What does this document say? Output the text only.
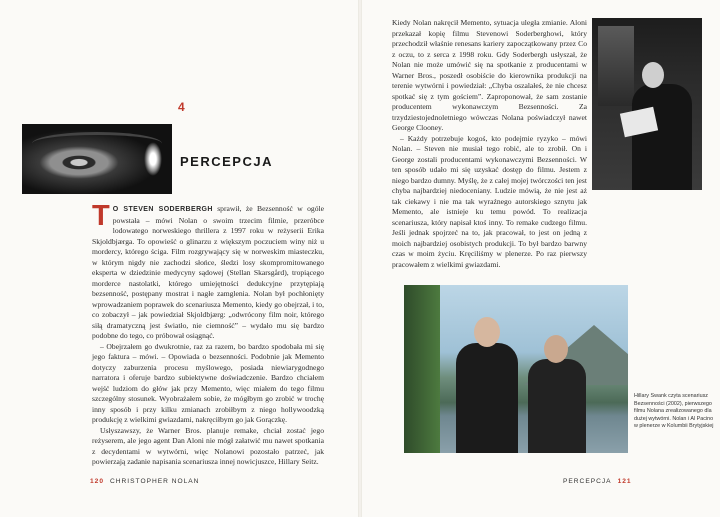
4
PERCEPCJA

T O STEVEN SODERBERGH sprawił, że Bezsenność w ogóle powstała – mówi Nolan o swoim trzecim filmie, przeróbce lodowatego norweskiego thrillera z 1997 roku w reżyserii Erika Skjoldbjærga. To opowieść o glinarzu z większym poczuciem winy niż u mordercy, którego ściga. Film rozgrywający się w norweskim miasteczku, w którym nigdy nie zachodzi słońce, śledzi losy skompromitowanego eksperta w dziedzinie medycyny sądowej (Stellan Skarsgård), tropiącego morderce nastolatki, którego umiejętności dedukcyjne przytępiają bezsenność, postępany mostrat i nagłe zamglenia. Nolan był pochłonięty wprowadzaniem poprawek do scenariusza Memento, kiedy go obejrzał, i to, co zobaczył – jak powiedział Skjoldbjærg: „odwrócony film noir, którego siłą dramatyczną jest światło, nie ciemność” – wydało mu się bardzo podobne do tego, co próbował osiągnąć.

– Obejrzałem go dwukrotnie, raz za razem, bo bardzo spodobała mi się jego faktura – mówi. – Opowiada o bezsenności. Podobnie jak Memento dotyczy zaburzenia procesu myślowego, posiada niewiarygodnego narratora i oferuje bardzo subiektywne doświadczenie. Bardzo chciałem wejść ludziom do głów jak przy Memento, więc miałem do tego filmu szczególny stosunek. Wyobrażałem sobie, że mógłbym go zrobić w trochę inny sposób i przy kilku zmianach zrobiłbym z niego hollywoodzką produkcję z wielkimi gwiazdami, nakręciłbym go jak Gorączkę.

Usłyszawszy, że Warner Bros. planuje remake, chciał zostać jego reżyserem, ale jego agent Dan Aloni nie mógł załatwić mu nawet spotkania z decydentami w wytwórni, więc Nolanowi pozostało patrzeć, jak powierzają zadanie napisania scenariusza innej nowicjuszce, Hillary Seitz.

120 CHRISTOPHER NOLAN

Kiedy Nolan nakręcił Memento, sytuacja uległa zmianie. Aloni przekazał kopię filmu Stevenowi Soderberghowi, który przechodził właśnie renesans kariery zapoczątkowany przez Co z oczu, to z serca z 1998 roku. Gdy Soderbergh usłyszał, że Nolan nie może umówić się na spotkanie z producentami w Warner Bros., poszedł osobiście do kierownika produkcji na terenie wytwórni i powiedział: „Chyba oszalałeś, że nie chcesz spotkać się z tym gościem”. Zaproponował, że sam zostanie producentem wykonawczym Bezsenności. Za trzydziestojednoletniego wówczas Nolana poświadczył nawet George Clooney.

– Każdy potrzebuje kogoś, kto podejmie ryzyko – mówi Nolan. – Steven nie musiał tego robić, ale to zrobił. On i George zostali producentami wykonawczymi Bezsenności. W ten sposób udało mi się uzyskać dostęp do filmu. Jestem z niego bardzo dumny. Myślę, że z całej mojej twórczości ten jest chyba najbardziej niedoceniany. Ludzie mówią, że nie jest aż tak ciekawy i nie ma tak wyraźnego autorskiego sznytu jak Memento, ale istnieje ku temu powód. To realizacja scenariusza, który napisał ktoś inny. To remake cudzego filmu. Jeśli jednak spojrzeć na to, jak pracował, to jest on jedną z moich najbardziej osobistych produkcji. To był bardzo barwny czas w moim życiu. Kręciliśmy w plenerze. Po raz pierwszy pracowałem z wielkimi gwiazdami.

Hillary Swank czyta scenariusz Bezsenności (2002), pierwszego filmu Nolana zrealizowanego dla dużej wytwórni. Nolan i Al Pacino w plenerze w Kolumbii Brytyjskiej
PERCEPCJA 121
